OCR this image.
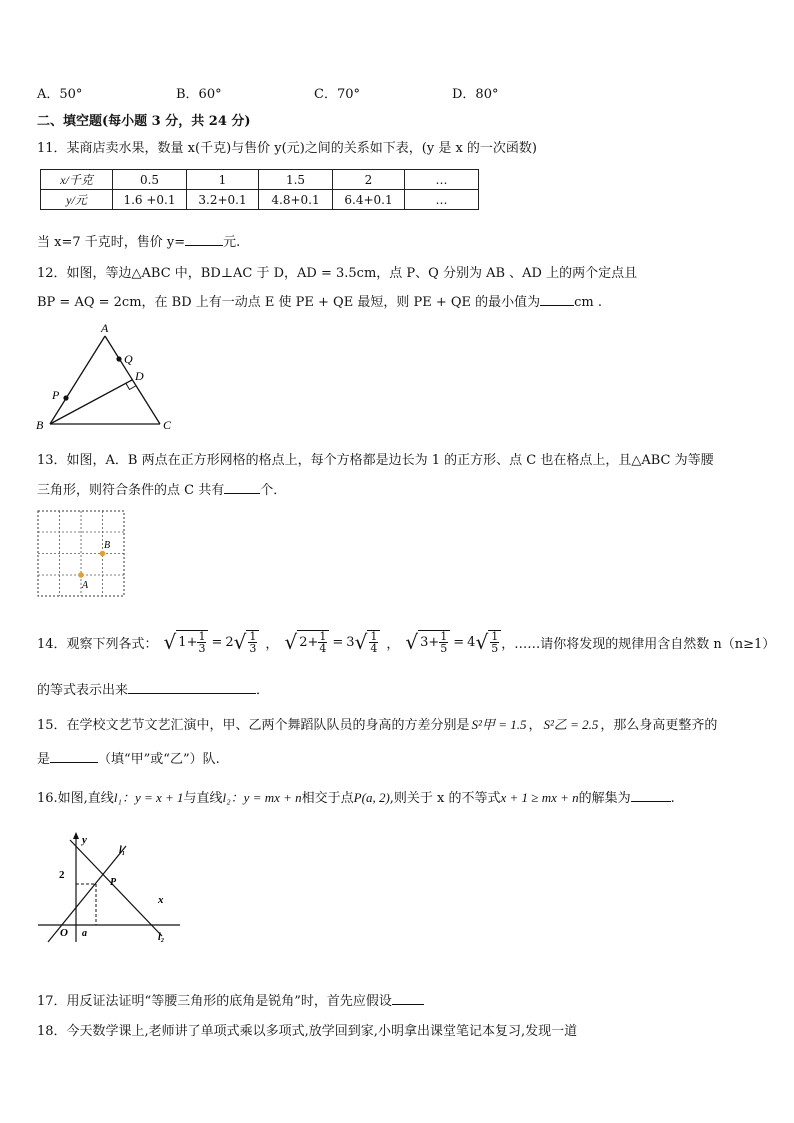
A．50°	B．60°	C．70°	D．80°
二、填空题(每小题 3 分，共 24 分)
11．某商店卖水果，数量 x(千克)与售价 y(元)之间的关系如下表，(y 是 x 的一次函数)
x/千克	0.5	1	1.5	2	…
y/元	1.6 +0.1	3.2+0.1	4.8+0.1	6.4+0.1	…
当 x=7 千克时，售价 y=	元.
12．如图，等边△ABC 中，BD⊥AC 于 D，AD = 3.5cm，点 P、Q 分别为 AB 、AD 上的两个定点且
BP = AQ = 2cm，在 BD 上有一动点 E 使 PE + QE 最短，则 PE + QE 的最小值为	cm .
A
B	C
D
P
Q
13．如图，A．B 两点在正方形网格的格点上，每个方格都是边长为 1 的正方形、点 C 也在格点上，且△ABC 为等腰
三角形，则符合条件的点 C 共有	个．
B
A
14．观察下列各式： √ $1+ \frac{1}{3} = 2$ √ $\frac{1}{3}$ ， √ $2+ \frac{1}{4} = 3$ √ $\frac{1}{4}$ ， √ $3+ \frac{1}{5} = 4$ √ $\frac{1}{5}$ ，……请你将发现的规律用含自然数 n（n≥1）
的等式表示出来	．
15．在学校文艺节文艺汇演中，甲、乙两个舞蹈队队员的身高的方差分别是 S²甲 = 1.5 ， S²乙 = 2.5 ，那么身高更整齐的
是	（填“甲”或“乙”）队.
16.如图,直线l₁：y = x + 1与直线l₂：y = mx + n相交于点P(a, 2),则关于 x 的不等式x + 1 ≥ mx + n的解集为	.
y
x
O a
2
P
l₁
l₂
17．用反证法证明“等腰三角形的底角是锐角”时，首先应假设
18．今天数学课上,老师讲了单项式乘以多项式,放学回到家,小明拿出课堂笔记本复习,发现一道
